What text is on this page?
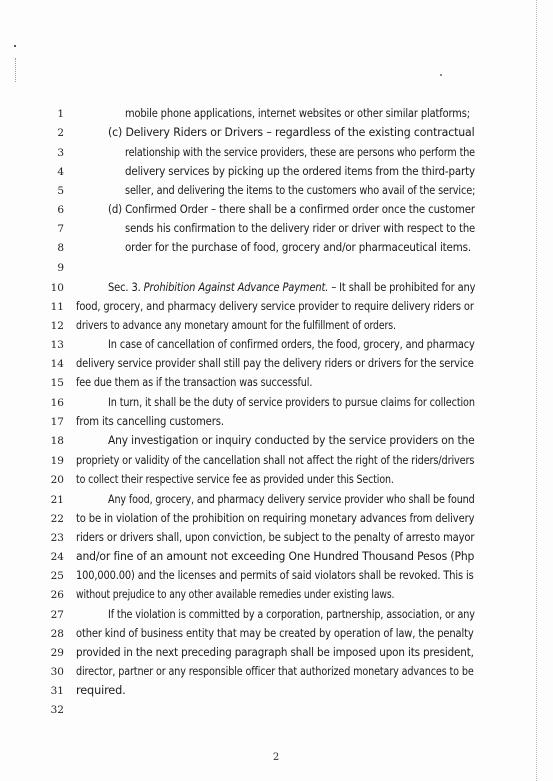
1	mobile phone applications, internet websites or other similar platforms;
2	(c) Delivery Riders or Drivers – regardless of the existing contractual
3	relationship with the service providers, these are persons who perform the
4	delivery services by picking up the ordered items from the third-party
5	seller, and delivering the items to the customers who avail of the service;
6	(d) Confirmed Order – there shall be a confirmed order once the customer
7	sends his confirmation to the delivery rider or driver with respect to the
8	order for the purchase of food, grocery and/or pharmaceutical items.
9
10	Sec. 3. Prohibition Against Advance Payment. – It shall be prohibited for any
11 food, grocery, and pharmacy delivery service provider to require delivery riders or
12 drivers to advance any monetary amount for the fulfillment of orders.
13	In case of cancellation of confirmed orders, the food, grocery, and pharmacy
14 delivery service provider shall still pay the delivery riders or drivers for the service
15 fee due them as if the transaction was successful.
16	In turn, it shall be the duty of service providers to pursue claims for collection
17 from its cancelling customers.
18	Any investigation or inquiry conducted by the service providers on the
19 propriety or validity of the cancellation shall not affect the right of the riders/drivers
20 to collect their respective service fee as provided under this Section.
21	Any food, grocery, and pharmacy delivery service provider who shall be found
22 to be in violation of the prohibition on requiring monetary advances from delivery
23 riders or drivers shall, upon conviction, be subject to the penalty of arresto mayor
24 and/or fine of an amount not exceeding One Hundred Thousand Pesos (Php
25 100,000.00) and the licenses and permits of said violators shall be revoked. This is
26 without prejudice to any other available remedies under existing laws.
27	If the violation is committed by a corporation, partnership, association, or any
28 other kind of business entity that may be created by operation of law, the penalty
29 provided in the next preceding paragraph shall be imposed upon its president,
30 director, partner or any responsible officer that authorized monetary advances to be
31 required.
32
2
